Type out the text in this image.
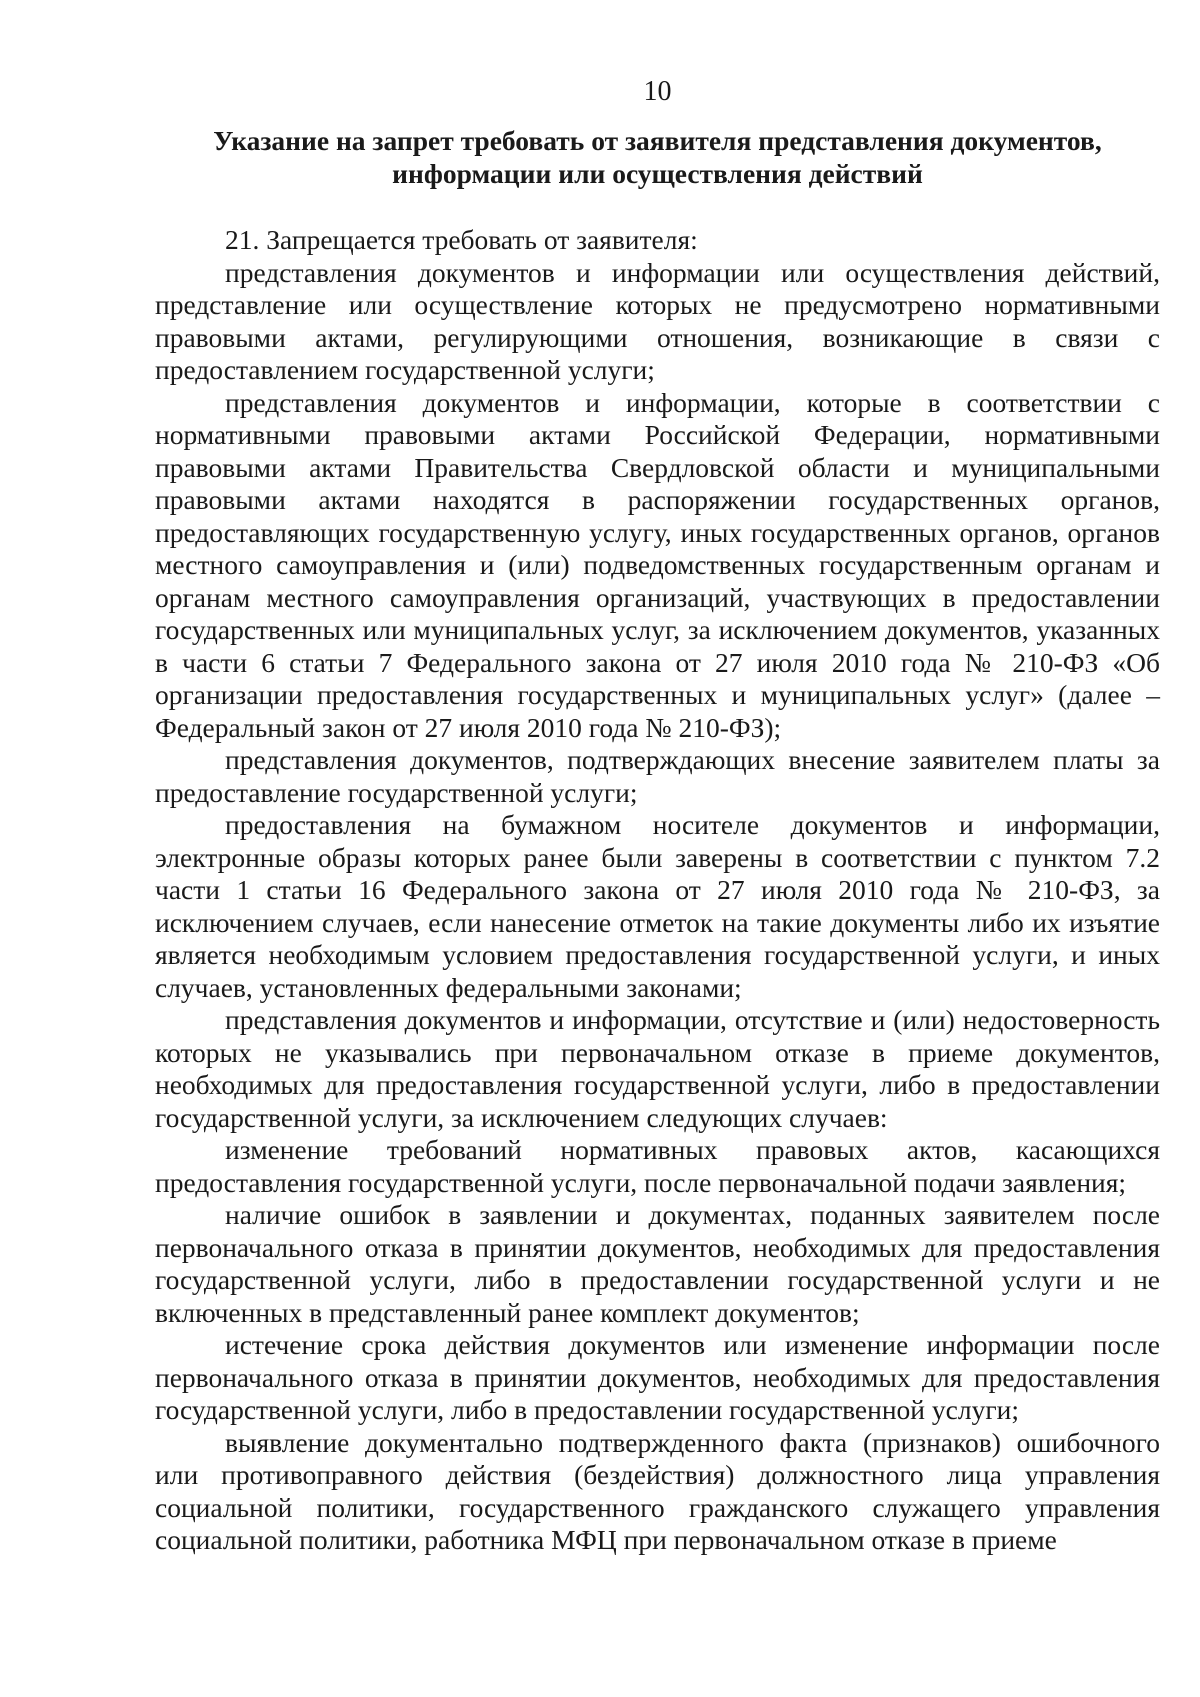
10

Указание на запрет требовать от заявителя представления документов,
информации или осуществления действий

21. Запрещается требовать от заявителя:

представления документов и информации или осуществления действий, представление или осуществление которых не предусмотрено нормативными правовыми актами, регулирующими отношения, возникающие в связи с предоставлением государственной услуги;

представления документов и информации, которые в соответствии с нормативными правовыми актами Российской Федерации, нормативными правовыми актами Правительства Свердловской области и муниципальными правовыми актами находятся в распоряжении государственных органов, предоставляющих государственную услугу, иных государственных органов, органов местного самоуправления и (или) подведомственных государственным органам и органам местного самоуправления организаций, участвующих в предоставлении государственных или муниципальных услуг, за исключением документов, указанных в части 6 статьи 7 Федерального закона от 27 июля 2010 года № 210-ФЗ «Об организации предоставления государственных и муниципальных услуг» (далее – Федеральный закон от 27 июля 2010 года № 210-ФЗ);

представления документов, подтверждающих внесение заявителем платы за предоставление государственной услуги;

предоставления на бумажном носителе документов и информации, электронные образы которых ранее были заверены в соответствии с пунктом 7.2 части 1 статьи 16 Федерального закона от 27 июля 2010 года № 210-ФЗ, за исключением случаев, если нанесение отметок на такие документы либо их изъятие является необходимым условием предоставления государственной услуги, и иных случаев, установленных федеральными законами;

представления документов и информации, отсутствие и (или) недостоверность которых не указывались при первоначальном отказе в приеме документов, необходимых для предоставления государственной услуги, либо в предоставлении государственной услуги, за исключением следующих случаев:

изменение требований нормативных правовых актов, касающихся предоставления государственной услуги, после первоначальной подачи заявления;

наличие ошибок в заявлении и документах, поданных заявителем после первоначального отказа в принятии документов, необходимых для предоставления государственной услуги, либо в предоставлении государственной услуги и не включенных в представленный ранее комплект документов;

истечение срока действия документов или изменение информации после первоначального отказа в принятии документов, необходимых для предоставления государственной услуги, либо в предоставлении государственной услуги;

выявление документально подтвержденного факта (признаков) ошибочного или противоправного действия (бездействия) должностного лица управления социальной политики, государственного гражданского служащего управления социальной политики, работника МФЦ при первоначальном отказе в приеме
